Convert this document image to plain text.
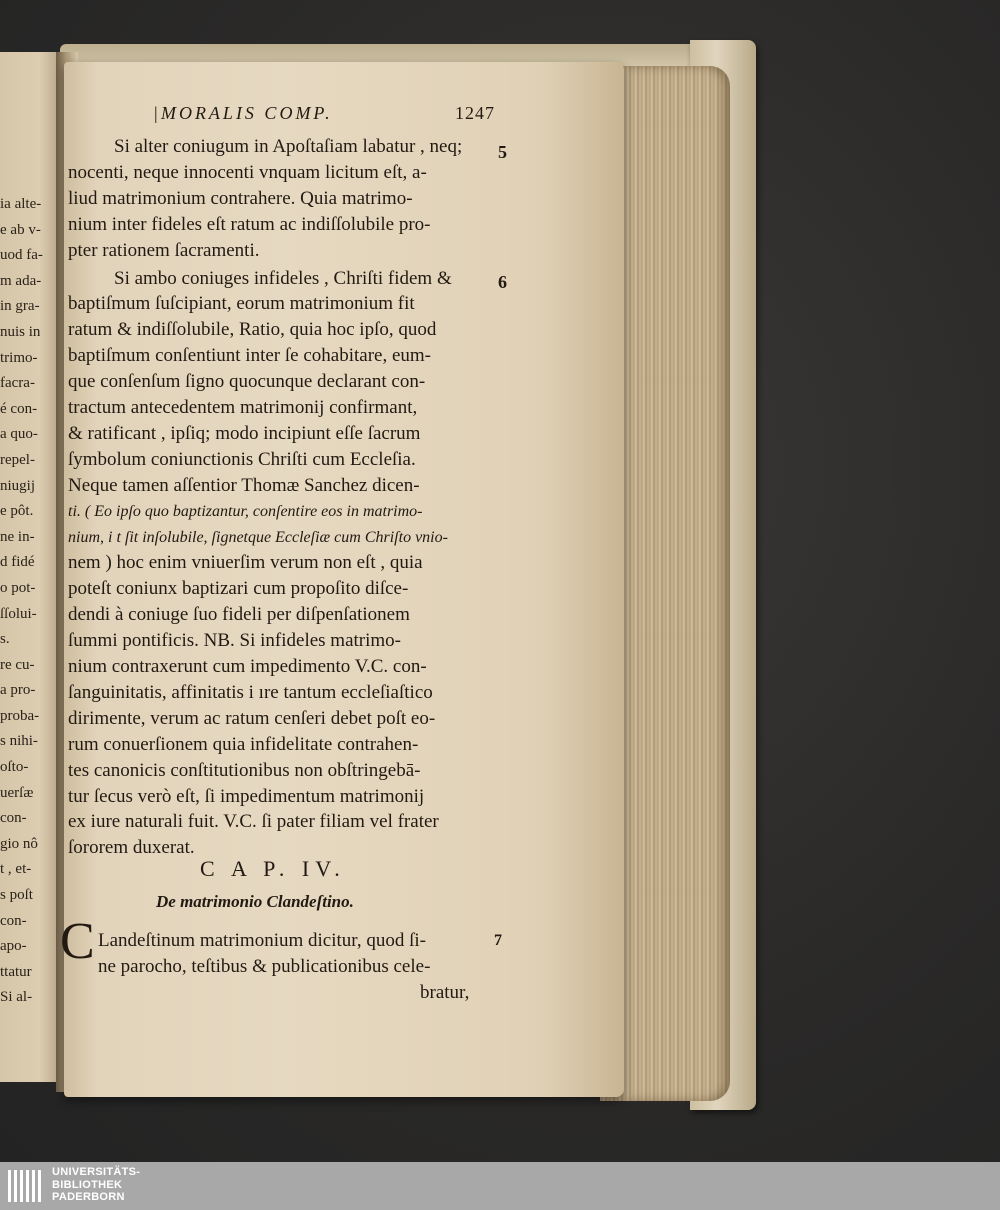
ia alte-
e ab v-
uod fa-
m ada-
in gra-
nuis in
trimo-
facra-
é con-
a quo-
repel-
niugij
e pôt.
ne in-
d fidé
o pot-
ſſolui-
s.
re cu-
a pro-
proba-
s nihi-
oſto-
uerſæ
con-
gio nô
t , et-
s poſt
con-
apo-
ttatur
Si al-
|MORALIS COMP.	1247
Si alter coniugum in Apoſtaſiam labatur , neq;
nocenti, neque innocenti vnquam licitum eſt, a-
liud matrimonium contrahere. Quia matrimo-
nium inter fideles eſt ratum ac indiſſolubile pro-
pter rationem ſacramenti.
Si ambo coniuges infideles , Chriſti fidem &
baptiſmum ſuſcipiant, eorum matrimonium fit
ratum & indiſſolubile, Ratio, quia hoc ipſo, quod
baptiſmum conſentiunt inter ſe cohabitare, eum-
que conſenſum ſigno quocunque declarant con-
tractum antecedentem matrimonij confirmant,
& ratificant , ipſiq; modo incipiunt eſſe ſacrum
ſymbolum coniunctionis Chriſti cum Eccleſia.
Neque tamen aſſentior Thomæ Sanchez dicen-
ti. ( Eo ipſo quo baptizantur, conſentire eos in matrimo-
nium, i t ſit inſolubile, ſignetque Eccleſiæ cum Chriſto vnio-
nem ) hoc enim vniuerſim verum non eſt , quia
poteſt coniunx baptizari cum propoſito diſce-
dendi à coniuge ſuo fideli per diſpenſationem
ſummi pontificis. NB. Si infideles matrimo-
nium contraxerunt cum impedimento V.C. con-
ſanguinitatis, affinitatis i ıre tantum eccleſiaſtico
dirimente, verum ac ratum cenſeri debet poſt eo-
rum conuerſionem quia infidelitate contrahen-
tes canonicis conſtitutionibus non obſtringebā-
tur ſecus verò eſt, ſi impedimentum matrimonij
ex iure naturali fuit. V.C. ſi pater filiam vel frater
ſororem duxerat.
5
6
C A P. IV.
De matrimonio Clandeſtino.
C Landeſtinum matrimonium dicitur, quod ſi-
ne parocho, teſtibus & publicationibus cele-
7
bratur,
UNIVERSITÄTS-
BIBLIOTHEK
PADERBORN
